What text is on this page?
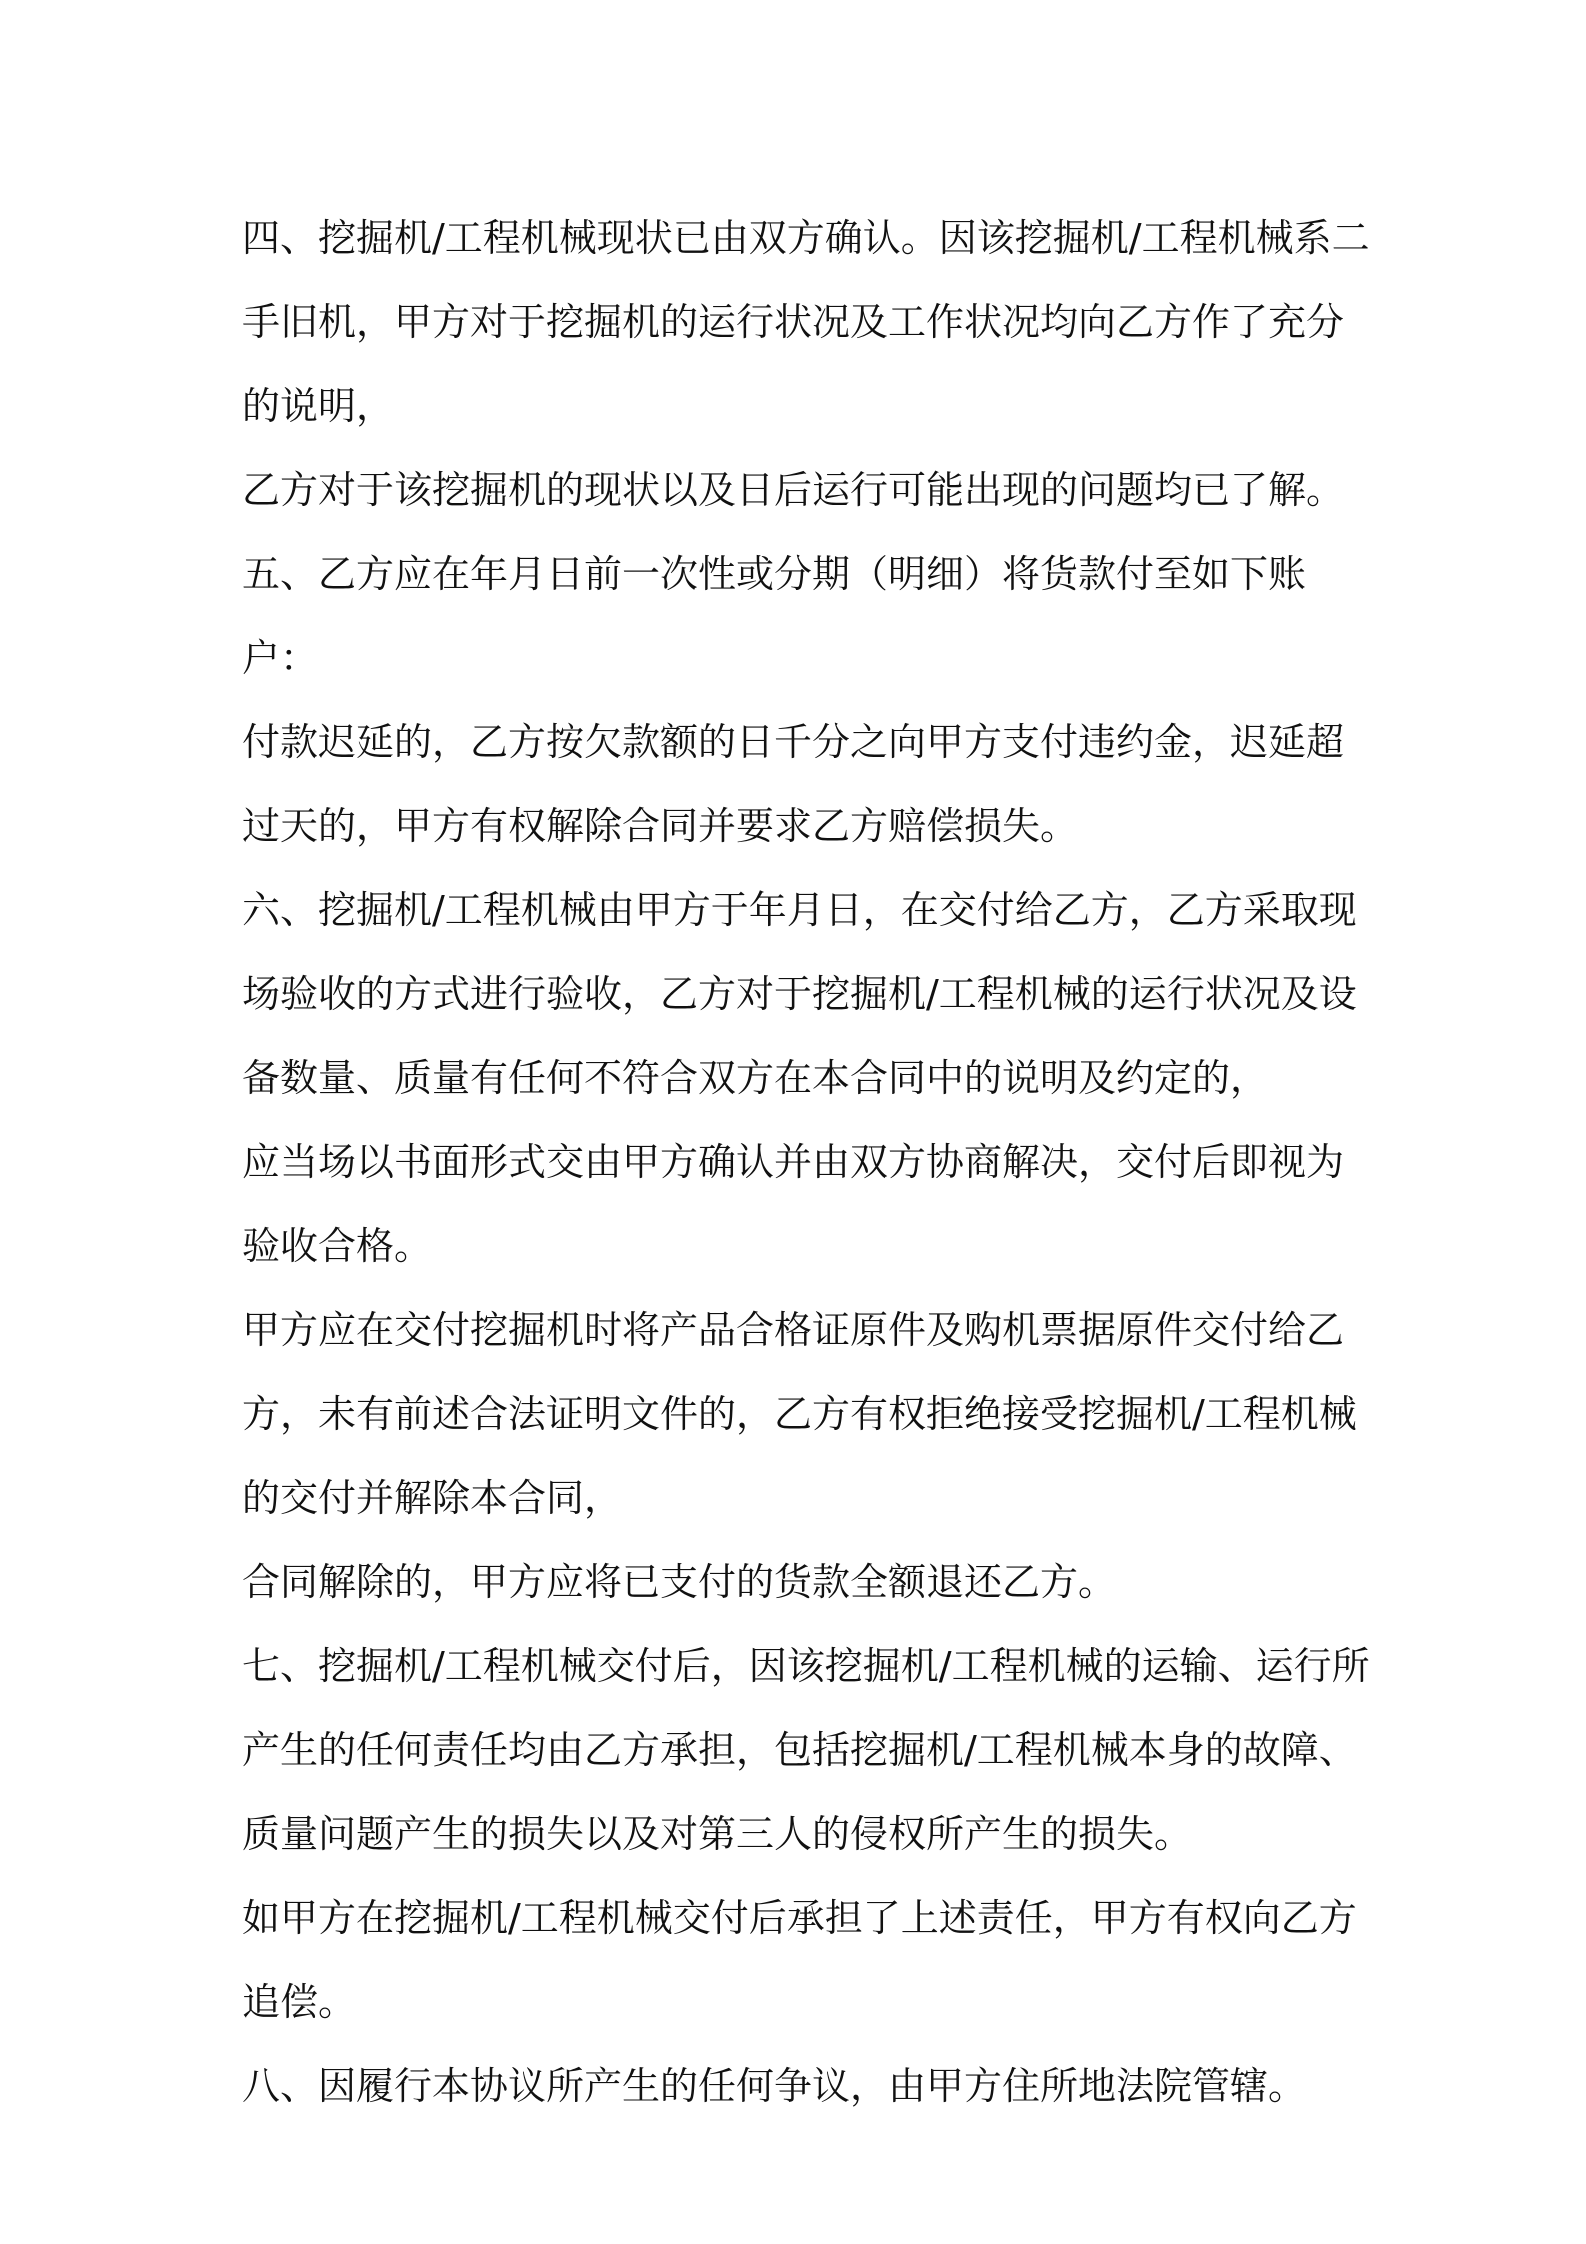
四、挖掘机/工程机械现状已由双方确认。因该挖掘机/工程机械系二手旧机，甲方对于挖掘机的运行状况及工作状况均向乙方作了充分的说明，

乙方对于该挖掘机的现状以及日后运行可能出现的问题均已了解。

五、乙方应在年月日前一次性或分期（明细）将货款付至如下账户：

付款迟延的，乙方按欠款额的日千分之向甲方支付违约金，迟延超过天的，甲方有权解除合同并要求乙方赔偿损失。

六、挖掘机/工程机械由甲方于年月日，在交付给乙方，乙方采取现场验收的方式进行验收，乙方对于挖掘机/工程机械的运行状况及设备数量、质量有任何不符合双方在本合同中的说明及约定的，

应当场以书面形式交由甲方确认并由双方协商解决，交付后即视为验收合格。

甲方应在交付挖掘机时将产品合格证原件及购机票据原件交付给乙方，未有前述合法证明文件的，乙方有权拒绝接受挖掘机/工程机械的交付并解除本合同，

合同解除的，甲方应将已支付的货款全额退还乙方。

七、挖掘机/工程机械交付后，因该挖掘机/工程机械的运输、运行所产生的任何责任均由乙方承担，包括挖掘机/工程机械本身的故障、质量问题产生的损失以及对第三人的侵权所产生的损失。

如甲方在挖掘机/工程机械交付后承担了上述责任，甲方有权向乙方追偿。

八、因履行本协议所产生的任何争议，由甲方住所地法院管辖。
